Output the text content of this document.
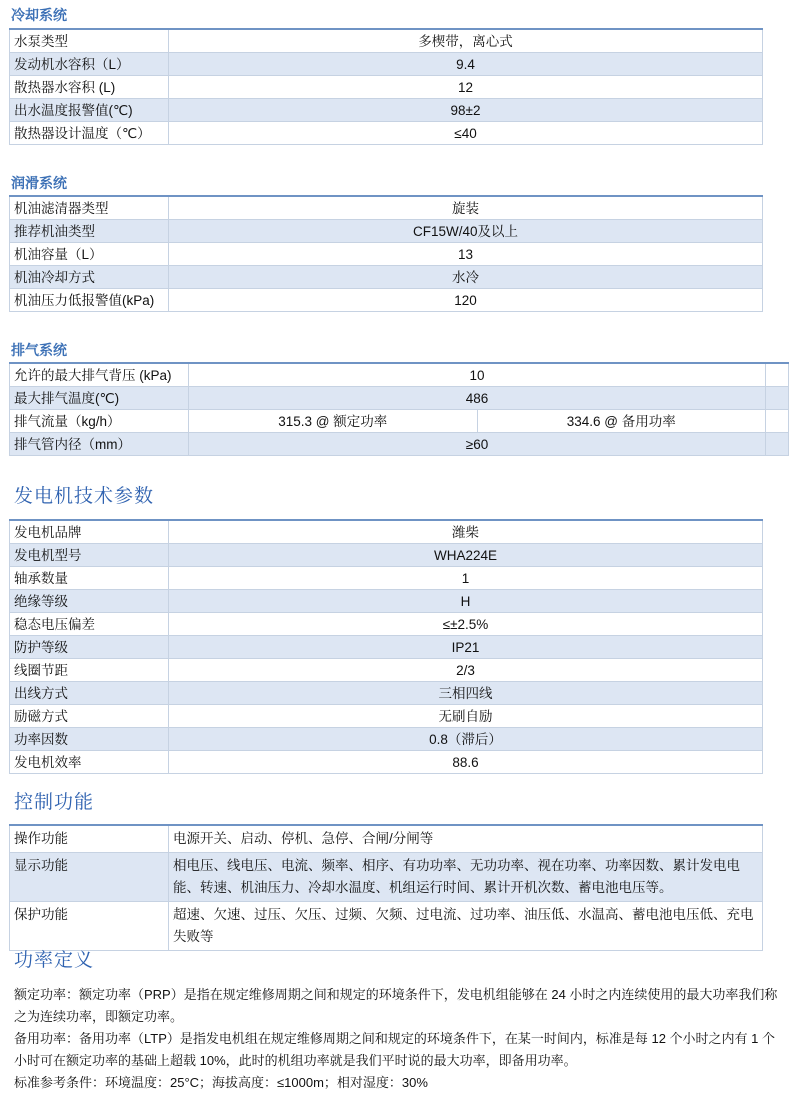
冷却系统
水泵类型	多楔带，离心式
发动机水容积（L）	9.4
散热器水容积 (L)	12
出水温度报警值(℃)	98±2
散热器设计温度（℃）	≤40
润滑系统
机油滤清器类型	旋装
推荐机油类型	CF15W/40及以上
机油容量（L）	13
机油冷却方式	水冷
机油压力低报警值(kPa)	120
排气系统
允许的最大排气背压 (kPa)	10		
最大排气温度(℃)	486		
排气流量（kg/h）	315.3 @ 额定功率	334.6 @ 备用功率	
排气管内径（mm）	≥60		
发电机技术参数
发电机品牌	潍柴
发电机型号	WHA224E
轴承数量	1
绝缘等级	H
稳态电压偏差	≤±2.5%
防护等级	IP21
线圈节距	2/3
出线方式	三相四线
励磁方式	无刷自励
功率因数	0.8（滞后）
发电机效率	88.6
控制功能
操作功能	电源开关、启动、停机、急停、合闸/分闸等
显示功能	相电压、线电压、电流、频率、相序、有功功率、无功功率、视在功率、功率因数、累计发电电能、转速、机油压力、冷却水温度、机组运行时间、累计开机次数、蓄电池电压等。
保护功能	超速、欠速、过压、欠压、过频、欠频、过电流、过功率、油压低、水温高、蓄电池电压低、充电失败等
功率定义

额定功率：额定功率（PRP）是指在规定维修周期之间和规定的环境条件下，发电机组能够在 24 小时之内连续使用的最大功率我们称之为连续功率，即额定功率。

备用功率：备用功率（LTP）是指发电机组在规定维修周期之间和规定的环境条件下，在某一时间内，标准是每 12 个小时之内有 1 个小时可在额定功率的基础上超载 10%，此时的机组功率就是我们平时说的最大功率，即备用功率。

标准参考条件：环境温度：25°C；海拔高度：≤1000m；相对湿度：30%
